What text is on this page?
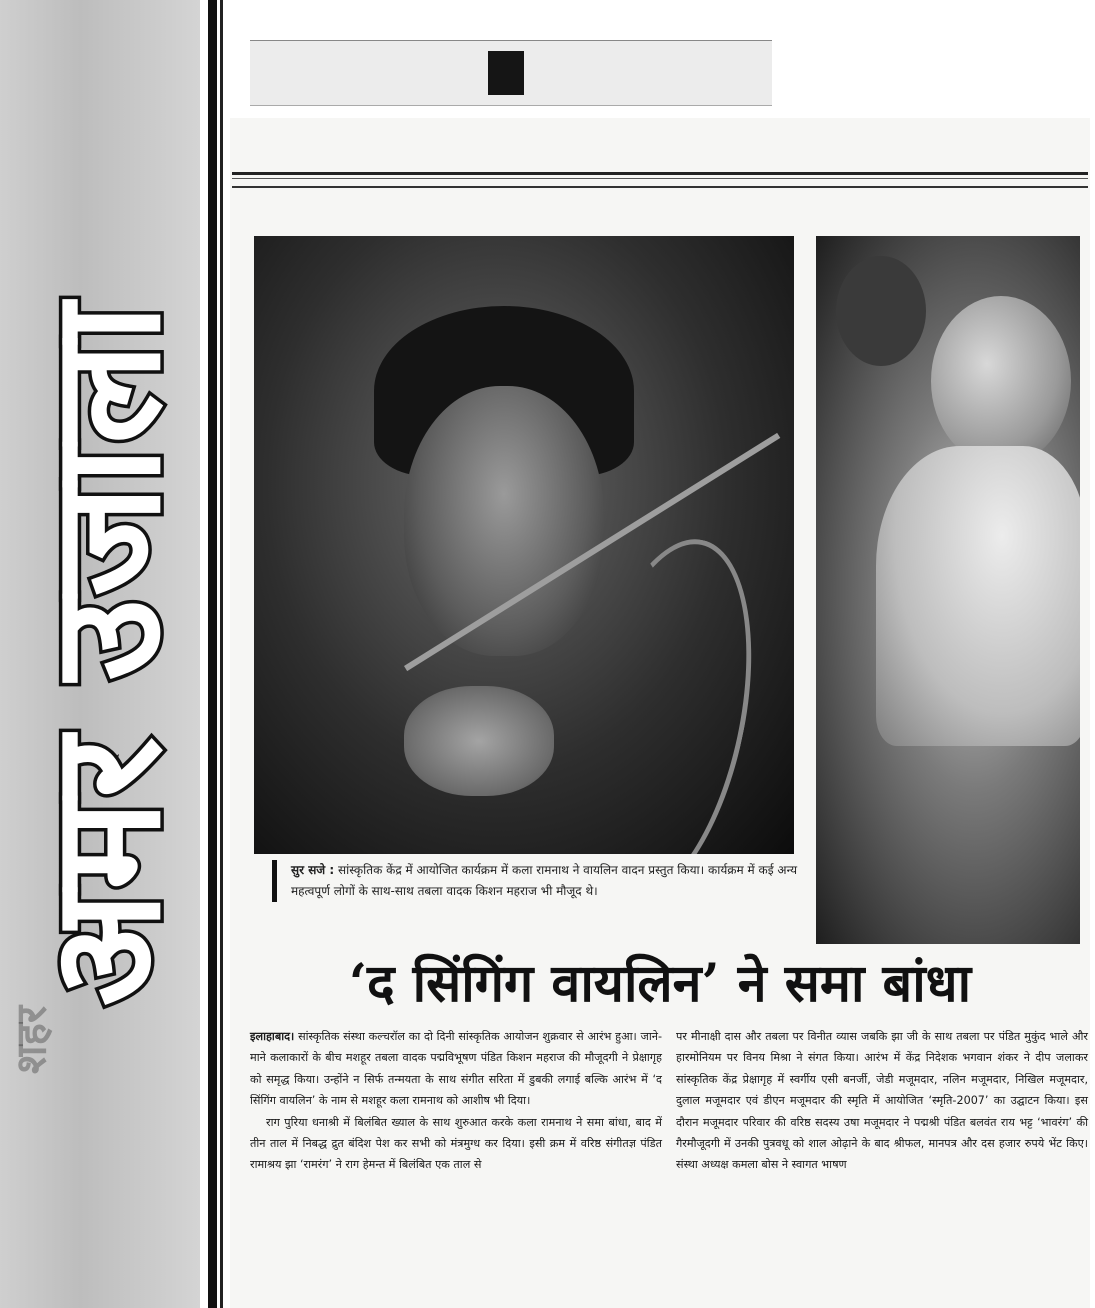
शहर
अमर उजाला	सुर सजे : सांस्कृतिक केंद्र में आयोजित कार्यक्रम में कला रामनाथ ने वायलिन वादन प्रस्तुत किया। कार्यक्रम में कई अन्य महत्वपूर्ण लोगों के साथ-साथ तबला वादक किशन महराज भी मौजूद थे।
‘द सिंगिंग वायलिन’ ने समा बांधा

इलाहाबाद। सांस्कृतिक संस्था कल्चरॉल का दो दिनी सांस्कृतिक आयोजन शुक्रवार से आरंभ हुआ। जाने-माने कलाकारों के बीच मशहूर तबला वादक पद्मविभूषण पंडित किशन महराज की मौजूदगी ने प्रेक्षागृह को समृद्ध किया। उन्होंने न सिर्फ तन्मयता के साथ संगीत सरिता में डुबकी लगाई बल्कि आरंभ में ‘द सिंगिंग वायलिन’ के नाम से मशहूर कला रामनाथ को आशीष भी दिया।

राग पुरिया धनाश्री में बिलंबित ख्याल के साथ शुरुआत करके कला रामनाथ ने समा बांधा, बाद में तीन ताल में निबद्ध द्रुत बंदिश पेश कर सभी को मंत्रमुग्ध कर दिया। इसी क्रम में वरिष्ठ संगीतज्ञ पंडित रामाश्रय झा ‘रामरंग’ ने राग हेमन्त में बिलंबित एक ताल से

पर मीनाक्षी दास और तबला पर विनीत व्यास जबकि झा जी के साथ तबला पर पंडित मुकुंद भाले और हारमोनियम पर विनय मिश्रा ने संगत किया। आरंभ में केंद्र निदेशक भगवान शंकर ने दीप जलाकर सांस्कृतिक केंद्र प्रेक्षागृह में स्वर्गीय एसी बनर्जी, जेडी मजूमदार, नलिन मजूमदार, निखिल मजूमदार, दुलाल मजूमदार एवं डीएन मजूमदार की स्मृति में आयोजित ‘स्मृति-2007’ का उद्घाटन किया। इस दौरान मजूमदार परिवार की वरिष्ठ सदस्य उषा मजूमदार ने पद्मश्री पंडित बलवंत राय भट्ट ‘भावरंग’ की गैरमौजूदगी में उनकी पुत्रवधू को शाल ओढ़ाने के बाद श्रीफल, मानपत्र और दस हजार रुपये भेंट किए। संस्था अध्यक्ष कमला बोस ने स्वागत भाषण
